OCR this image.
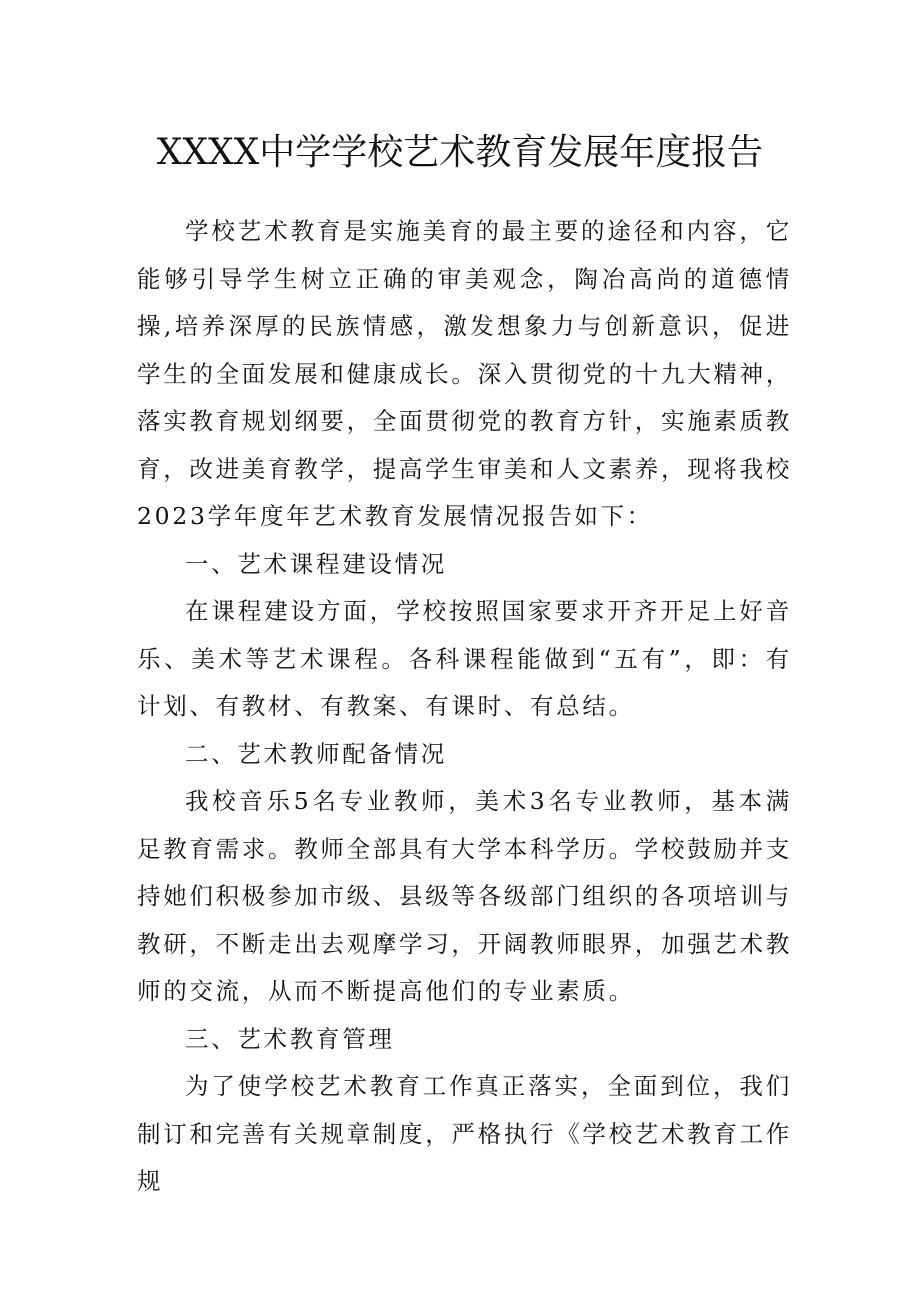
XXXX中学学校艺术教育发展年度报告

学校艺术教育是实施美育的最主要的途径和内容，它能够引导学生树立正确的审美观念，陶冶高尚的道德情操,培养深厚的民族情感，激发想象力与创新意识，促进学生的全面发展和健康成长。深入贯彻党的十九大精神，落实教育规划纲要，全面贯彻党的教育方针，实施素质教育，改进美育教学，提高学生审美和人文素养，现将我校2023学年度年艺术教育发展情况报告如下：

一、艺术课程建设情况

在课程建设方面，学校按照国家要求开齐开足上好音乐、美术等艺术课程。各科课程能做到“五有”，即：有计划、有教材、有教案、有课时、有总结。

二、艺术教师配备情况

我校音乐5名专业教师，美术3名专业教师，基本满足教育需求。教师全部具有大学本科学历。学校鼓励并支持她们积极参加市级、县级等各级部门组织的各项培训与教研，不断走出去观摩学习，开阔教师眼界，加强艺术教师的交流，从而不断提高他们的专业素质。

三、艺术教育管理

为了使学校艺术教育工作真正落实，全面到位，我们制订和完善有关规章制度，严格执行《学校艺术教育工作规
